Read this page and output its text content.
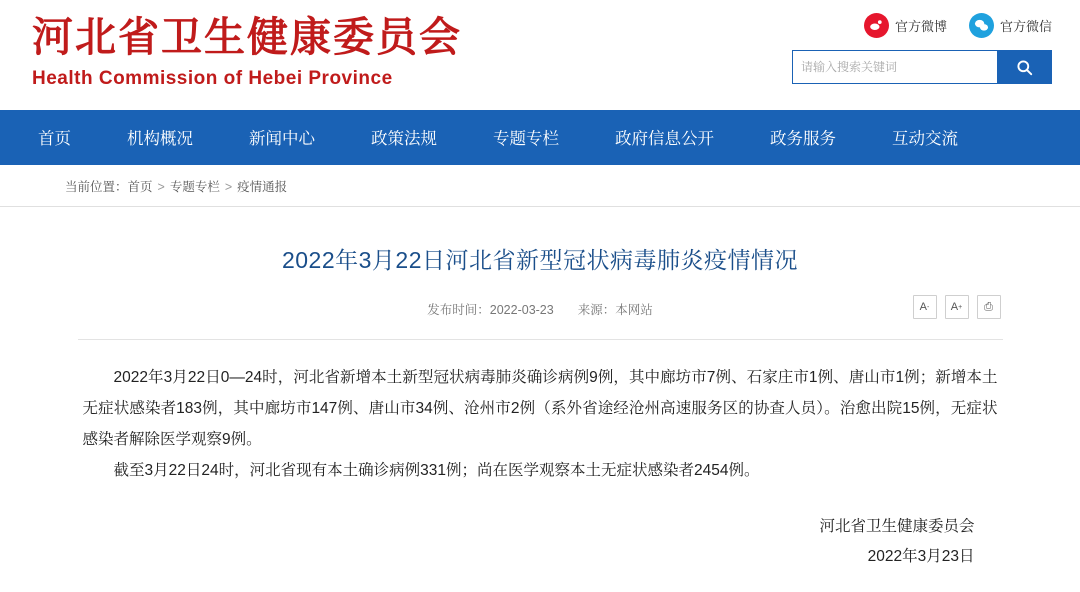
河北省卫生健康委员会
Health Commission of Hebei Province
官方微博	官方微信
请输入搜索关键词
首页	机构概况	新闻中心	政策法规	专题专栏	政府信息公开	政务服务	互动交流
当前位置：首页 > 专题专栏 > 疫情通报
2022年3月22日河北省新型冠状病毒肺炎疫情情况
发布时间：2022-03-23 来源：本网站	A - A + ⎙

2022年3月22日0—24时，河北省新增本土新型冠状病毒肺炎确诊病例9例，其中廊坊市7例、石家庄市1例、唐山市1例；新增本土无症状感染者183例，其中廊坊市147例、唐山市34例、沧州市2例（系外省途经沧州高速服务区的协查人员）。治愈出院15例，无症状感染者解除医学观察9例。

截至3月22日24时，河北省现有本土确诊病例331例；尚在医学观察本土无症状感染者2454例。

河北省卫生健康委员会
2022年3月23日
